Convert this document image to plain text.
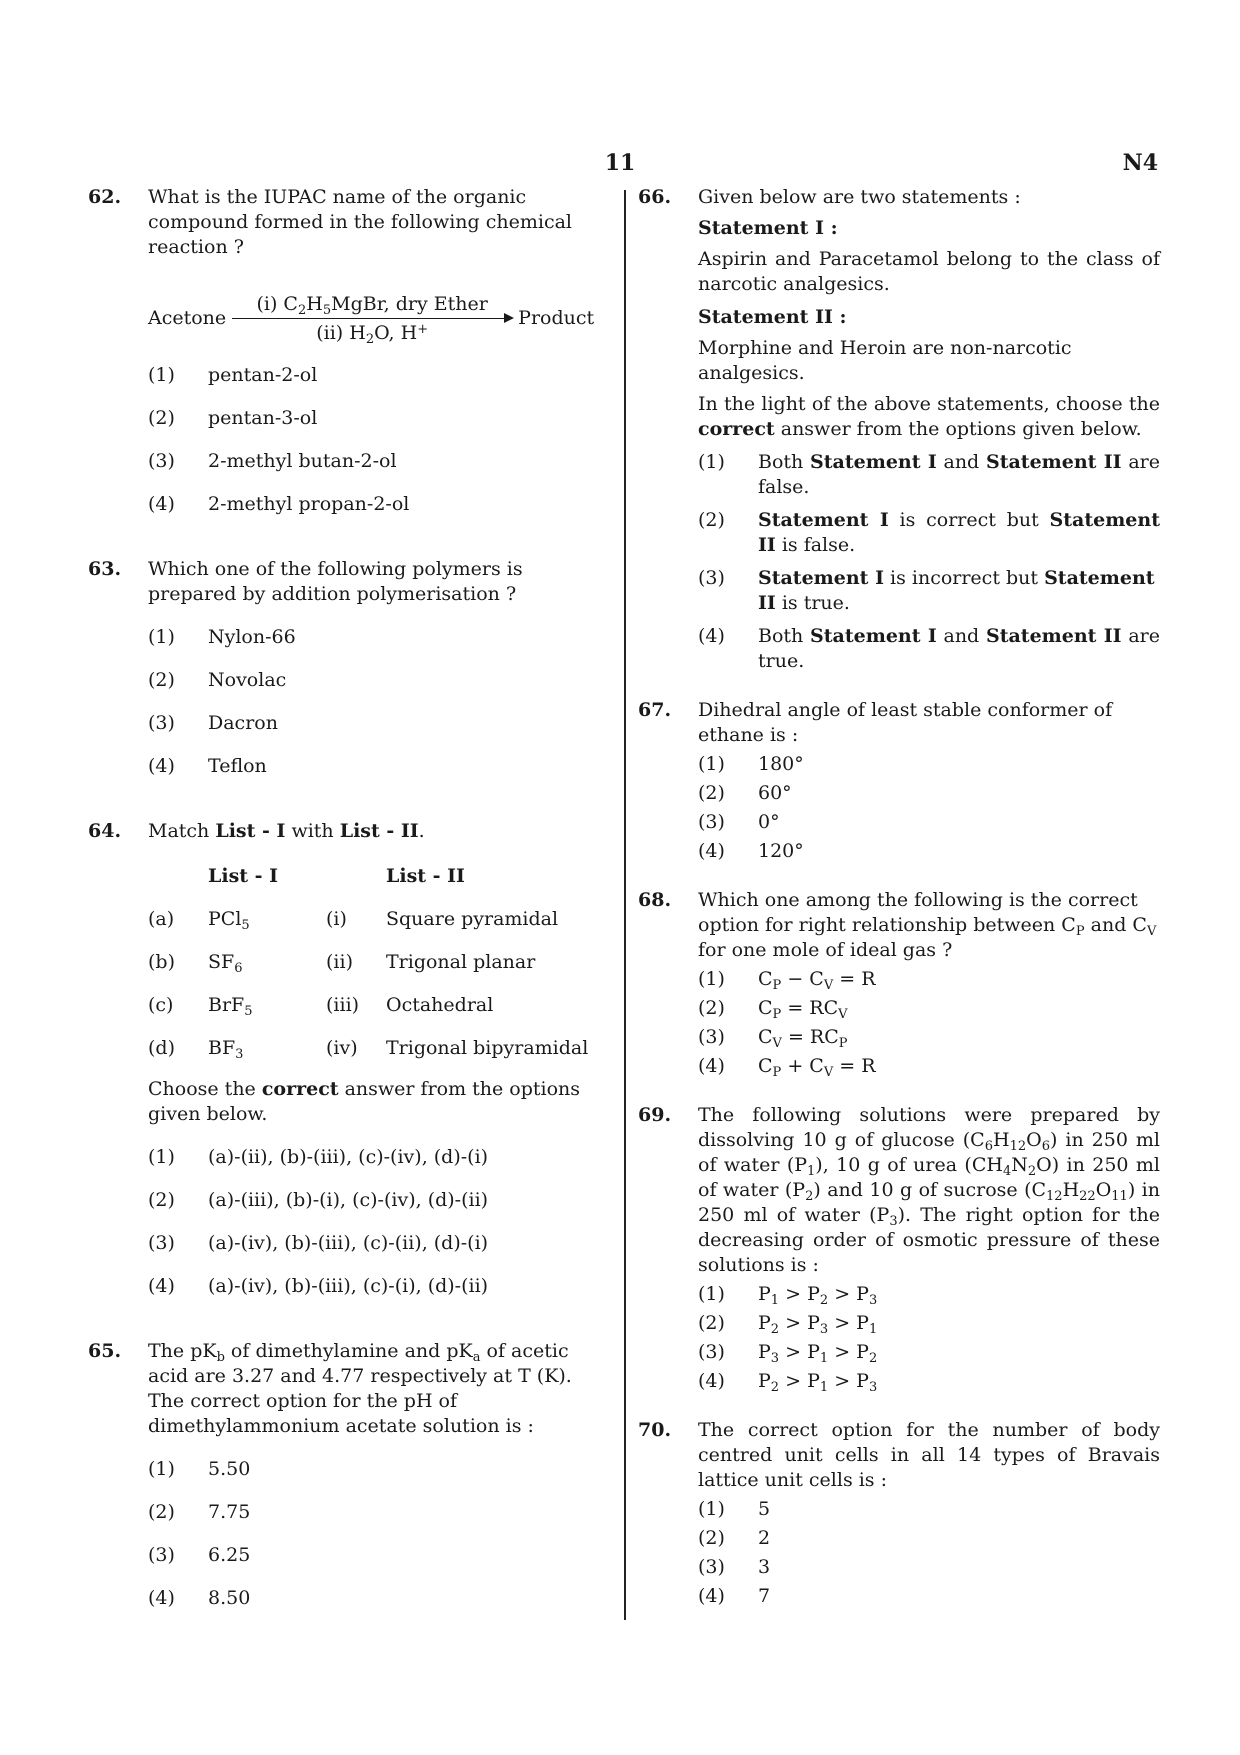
11	N4
62. What is the IUPAC name of the organic compound formed in the following chemical reaction ?

Acetone
(i) $C_2H_5MgBr$, dry Ether
(ii) $H_2O$, H+
Product
(1)	pentan-2-ol
(2)	pentan-3-ol
(3)	2-methyl butan-2-ol
(4)	2-methyl propan-2-ol
63. Which one of the following polymers is prepared by addition polymerisation ?

(1)	Nylon-66
(2)	Novolac
(3)	Dacron
(4)	Teflon
64. Match List - I with List - II.

List - I	List - II
(a)	PCl$_5$	(i)	Square pyramidal
(b)	$SF_6$	(ii)	Trigonal planar
(c)	BrF$_5$	(iii)	Octahedral
(d)	$BF_3$	(iv)	Trigonal bipyramidal

Choose the correct answer from the options given below.

(1)	(a)-(ii), (b)-(iii), (c)-(iv), (d)-(i)
(2)	(a)-(iii), (b)-(i), (c)-(iv), (d)-(ii)
(3)	(a)-(iv), (b)-(iii), (c)-(ii), (d)-(i)
(4)	(a)-(iv), (b)-(iii), (c)-(i), (d)-(ii)
65. The $pK_b$ of dimethylamine and $pK_a$ of acetic acid are 3.27 and 4.77 respectively at T (K). The correct option for the pH of dimethylammonium acetate solution is :

(1)	5.50
(2)	7.75
(3)	6.25
(4)	8.50
66. Given below are two statements :

Statement I :

Aspirin and Paracetamol belong to the class of narcotic analgesics.

Statement II :

Morphine and Heroin are non-narcotic analgesics.

In the light of the above statements, choose the correct answer from the options given below.

(1)	Both Statement I and Statement II are false.
(2)	Statement I is correct but Statement II is false.
(3)	Statement I is incorrect but Statement II is true.
(4)	Both Statement I and Statement II are true.
67. Dihedral angle of least stable conformer of ethane is :

(1)	180°
(2)	60°
(3)	0°
(4)	120°
68. Which one among the following is the correct option for right relationship between $C_P$ and $C_V$ for one mole of ideal gas ?

(1)	$C_P - C_V = R$
(2)	$C_P = RC_V$
(3)	$C_V = RC_P$
(4)	$C_P + C_V = R$
69. The following solutions were prepared by dissolving 10 g of glucose $(C_6H_{12}O_6)$ in 250 ml of water $(P_1)$, 10 g of urea $(CH_4N_2O)$ in 250 ml of water $(P_2)$ and 10 g of sucrose $(C_{12}H_{22}O_{11})$ in 250 ml of water $(P_3)$. The right option for the decreasing order of osmotic pressure of these solutions is :

(1)	$P_1 > P_2 > P_3$
(2)	$P_2 > P_3 > P_1$
(3)	$P_3 > P_1 > P_2$
(4)	$P_2 > P_1 > P_3$
70. The correct option for the number of body centred unit cells in all 14 types of Bravais lattice unit cells is :

(1)	5
(2)	2
(3)	3
(4)	7
